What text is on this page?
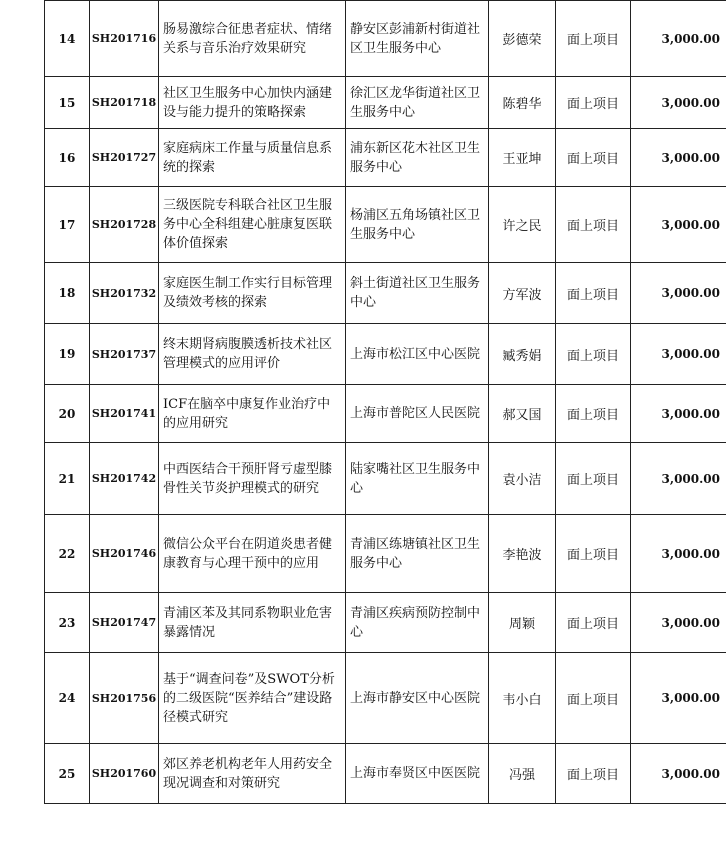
14	SH201716	肠易激综合征患者症状、情绪关系与音乐治疗效果研究	静安区彭浦新村街道社区卫生服务中心	彭德荣	面上项目	3,000.00
15	SH201718	社区卫生服务中心加快内涵建设与能力提升的策略探索	徐汇区龙华街道社区卫生服务中心	陈碧华	面上项目	3,000.00
16	SH201727	家庭病床工作量与质量信息系统的探索	浦东新区花木社区卫生服务中心	王亚坤	面上项目	3,000.00
17	SH201728	三级医院专科联合社区卫生服务中心全科组建心脏康复医联体价值探索	杨浦区五角场镇社区卫生服务中心	许之民	面上项目	3,000.00
18	SH201732	家庭医生制工作实行目标管理及绩效考核的探索	斜土街道社区卫生服务中心	方军波	面上项目	3,000.00
19	SH201737	终末期肾病腹膜透析技术社区管理模式的应用评价	上海市松江区中心医院	臧秀娟	面上项目	3,000.00
20	SH201741	ICF在脑卒中康复作业治疗中的应用研究	上海市普陀区人民医院	郝又国	面上项目	3,000.00
21	SH201742	中西医结合干预肝肾亏虚型膝骨性关节炎护理模式的研究	陆家嘴社区卫生服务中心	袁小洁	面上项目	3,000.00
22	SH201746	微信公众平台在阴道炎患者健康教育与心理干预中的应用	青浦区练塘镇社区卫生服务中心	李艳波	面上项目	3,000.00
23	SH201747	青浦区苯及其同系物职业危害暴露情况	青浦区疾病预防控制中心	周颖	面上项目	3,000.00
24	SH201756	基于“调查问卷”及SWOT分析的二级医院“医养结合”建设路径模式研究	上海市静安区中心医院	韦小白	面上项目	3,000.00
25	SH201760	郊区养老机构老年人用药安全现况调查和对策研究	上海市奉贤区中医医院	冯强	面上项目	3,000.00
